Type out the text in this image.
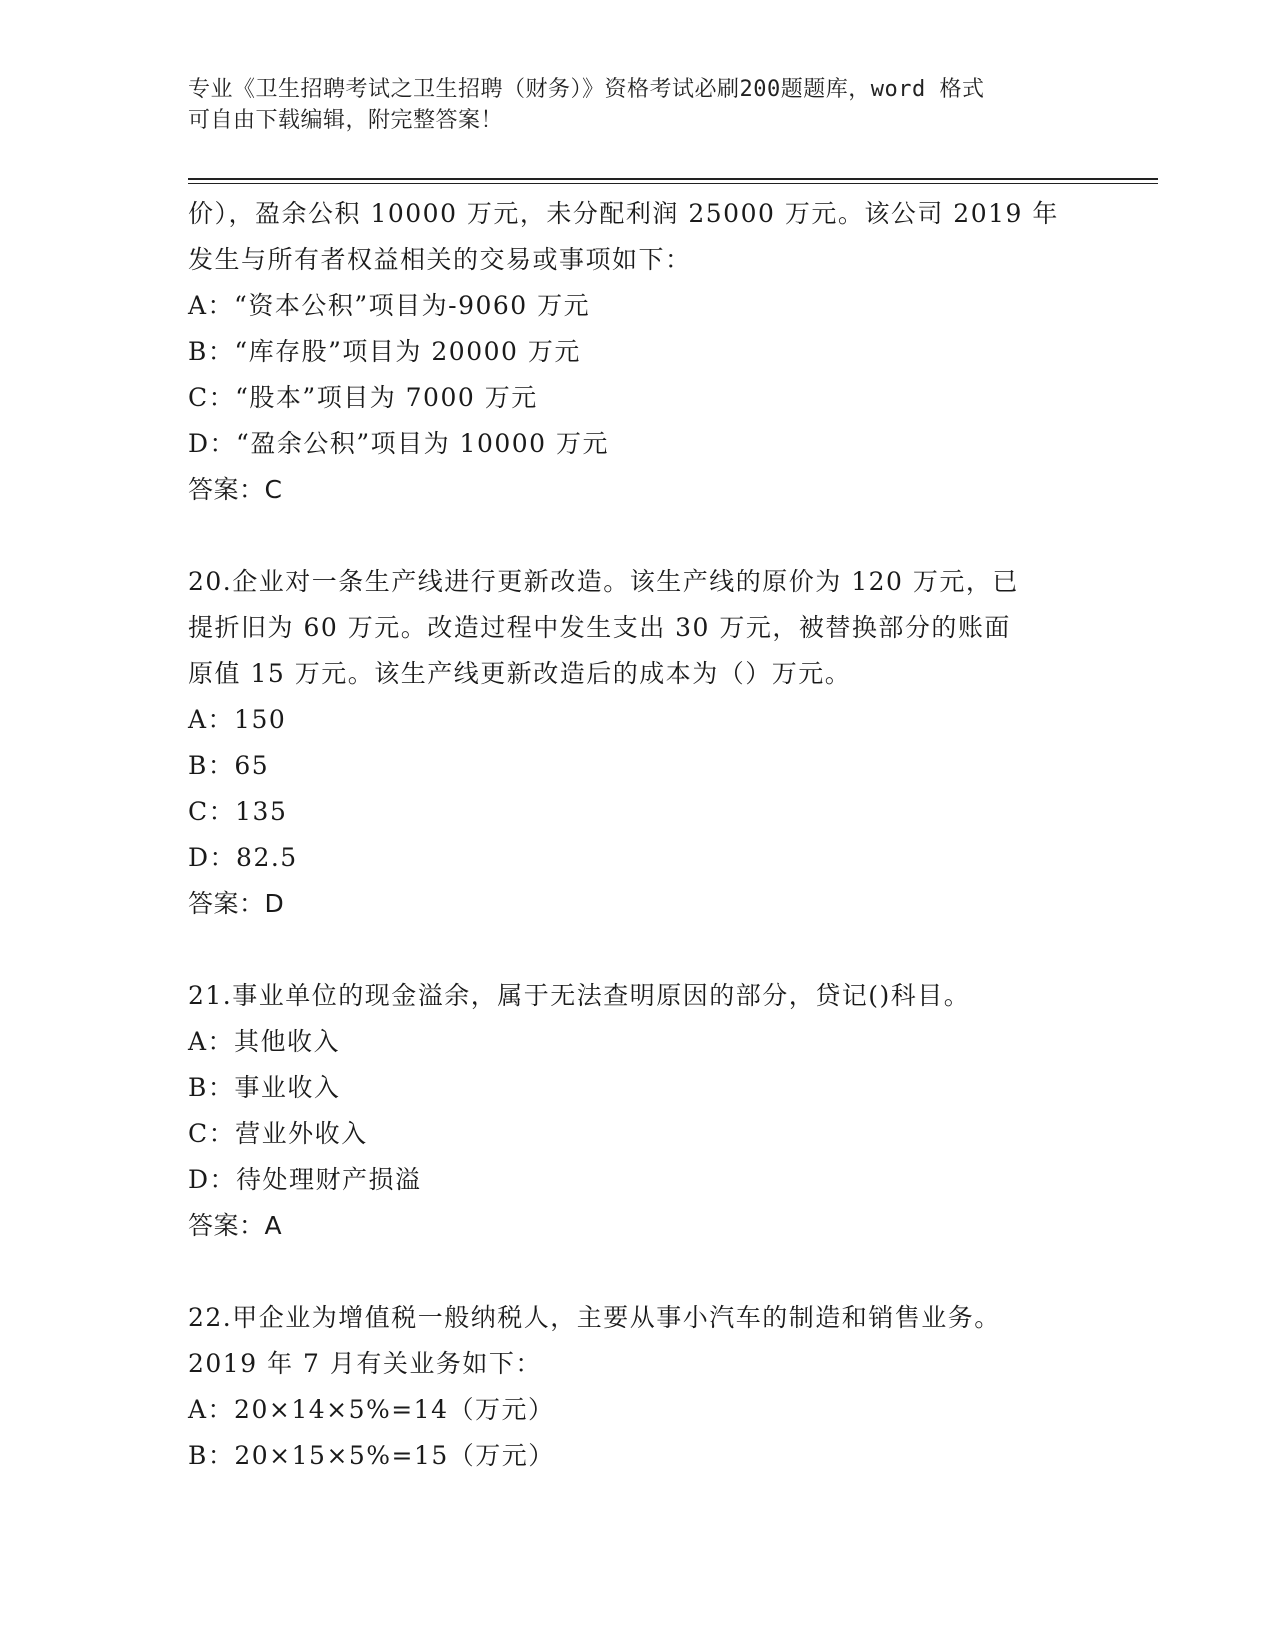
专业《卫生招聘考试之卫生招聘（财务）》资格考试必刷200题题库，word 格式
可自由下载编辑，附完整答案！
价），盈余公积 10000 万元，未分配利润 25000 万元。该公司 2019 年
发生与所有者权益相关的交易或事项如下：
A：“资本公积”项目为-9060 万元
B：“库存股”项目为 20000 万元
C：“股本”项目为 7000 万元
D：“盈余公积”项目为 10000 万元
答案：C
20.企业对一条生产线进行更新改造。该生产线的原价为 120 万元，已
提折旧为 60 万元。改造过程中发生支出 30 万元，被替换部分的账面
原值 15 万元。该生产线更新改造后的成本为（）万元。
A：150
B：65
C：135
D：82.5
答案：D
21.事业单位的现金溢余，属于无法查明原因的部分，贷记()科目。
A：其他收入
B：事业收入
C：营业外收入
D：待处理财产损溢
答案：A
22.甲企业为增值税一般纳税人，主要从事小汽车的制造和销售业务。
2019 年 7 月有关业务如下：
A：20×14×5%=14（万元）
B：20×15×5%=15（万元）
